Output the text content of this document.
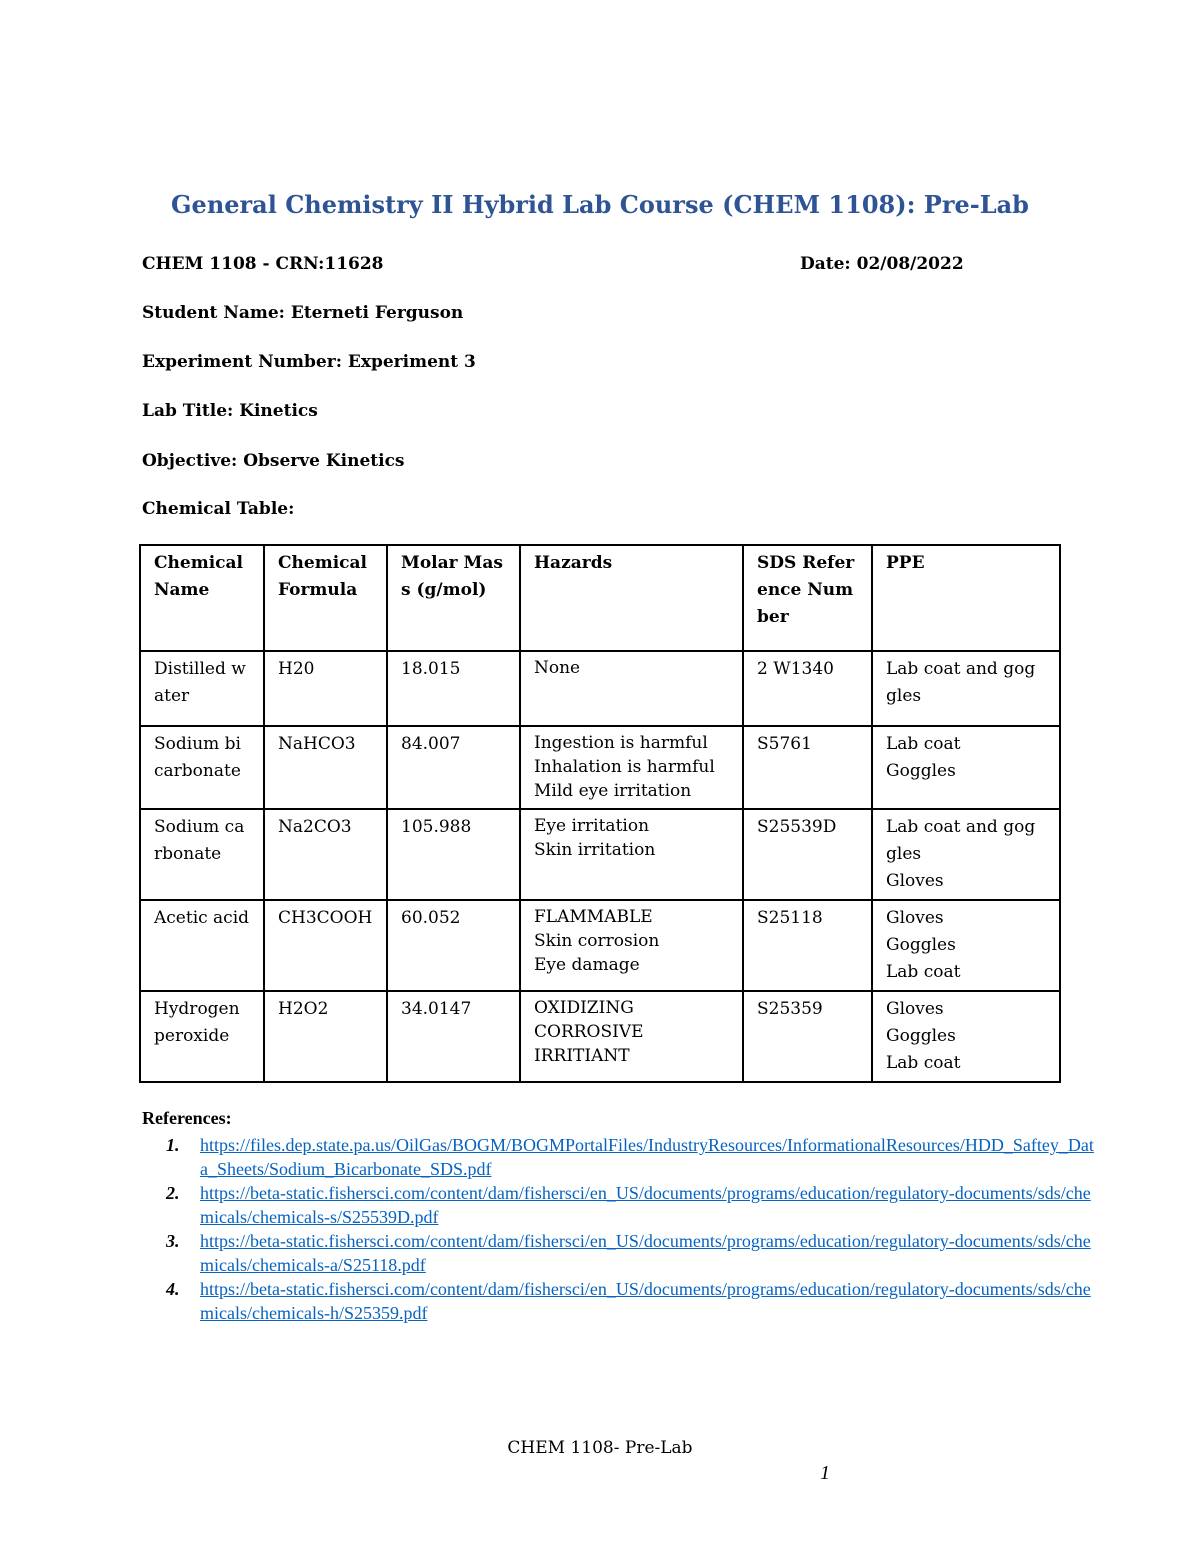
General Chemistry II Hybrid Lab Course (CHEM 1108): Pre-Lab

CHEM 1108 - CRN:11628	Date: 02/08/2022

Student Name: Eterneti Ferguson

Experiment Number: Experiment 3

Lab Title: Kinetics

Objective: Observe Kinetics

Chemical Table:

Chemical Name	Chemical Formula	Molar Mass (g/mol)	Hazards	SDS Reference Number	PPE
Distilled water	H20	18.015	None	2 W1340	Lab coat and goggles

Sodium bicarbonate	NaHCO3	84.007	Ingestion is harmful
Inhalation is harmful
Mild eye irritation	S5761	Lab coat
Goggles

Sodium carbonate	Na2CO3	105.988	Eye irritation
Skin irritation	S25539D	Lab coat and goggles
Gloves

Acetic acid	CH3COOH	60.052	FLAMMABLE
Skin corrosion
Eye damage	S25118	Gloves
Goggles
Lab coat

Hydrogen peroxide	H2O2	34.0147	OXIDIZING
CORROSIVE
IRRITIANT	S25359	Gloves
Goggles
Lab coat

References:

1. https://files.dep.state.pa.us/OilGas/BOGM/BOGMPortalFiles/IndustryResources/InformationalResources/HDD_Saftey_Data_Sheets/Sodium_Bicarbonate_SDS.pdf
2. https://beta-static.fishersci.com/content/dam/fishersci/en_US/documents/programs/education/regulatory-documents/sds/chemicals/chemicals-s/S25539D.pdf
3. https://beta-static.fishersci.com/content/dam/fishersci/en_US/documents/programs/education/regulatory-documents/sds/chemicals/chemicals-a/S25118.pdf
4. https://beta-static.fishersci.com/content/dam/fishersci/en_US/documents/programs/education/regulatory-documents/sds/chemicals/chemicals-h/S25359.pdf

CHEM 1108- Pre-Lab

1
